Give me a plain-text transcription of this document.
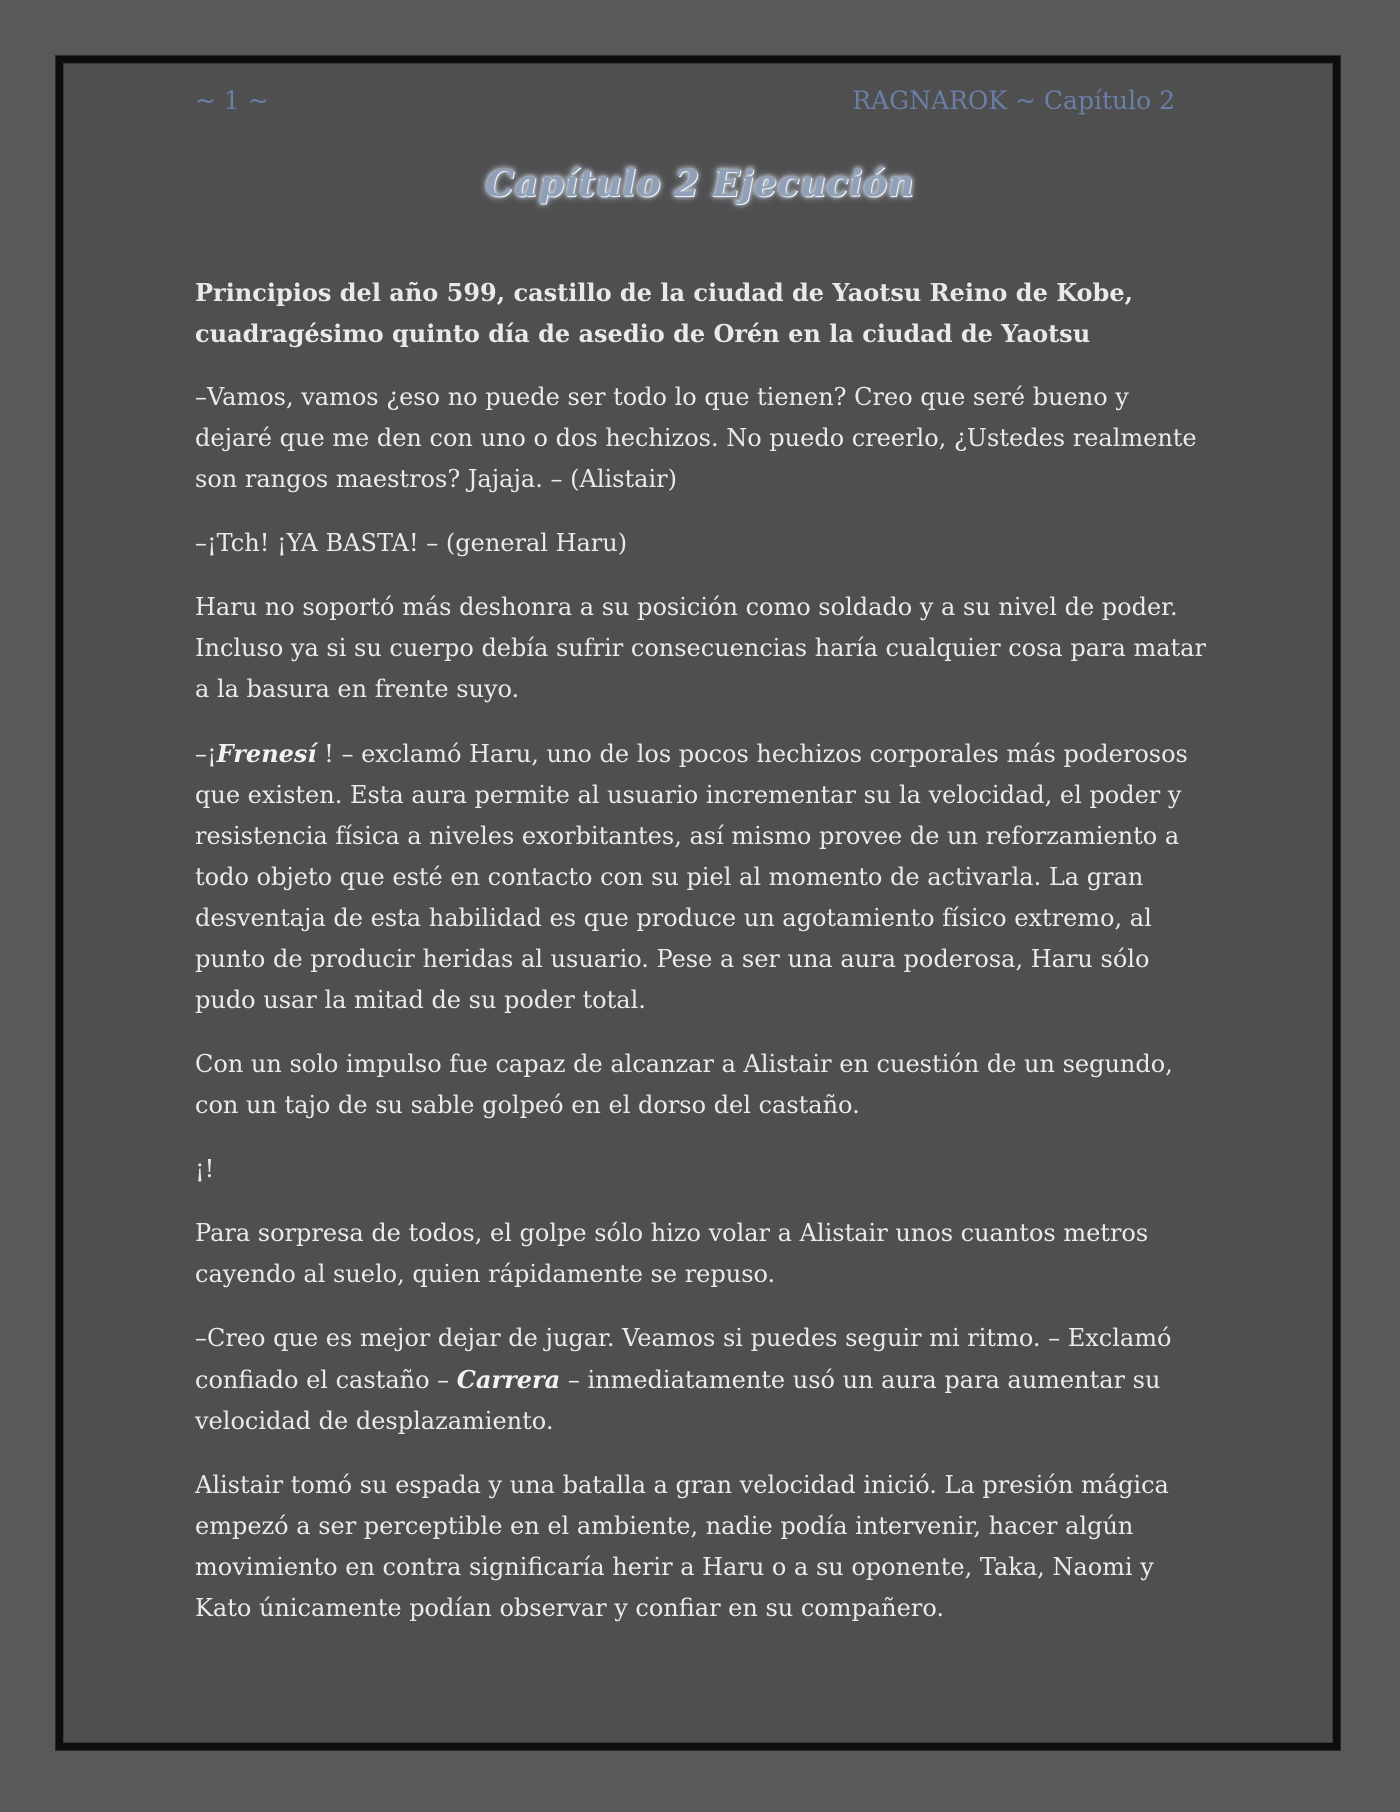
~ 1 ~	RAGNAROK ~ Capítulo 2
Capítulo 2 Ejecución

Principios del año 599, castillo de la ciudad de Yaotsu Reino de Kobe, cuadragésimo quinto día de asedio de Orén en la ciudad de Yaotsu

–Vamos, vamos ¿eso no puede ser todo lo que tienen? Creo que seré bueno y dejaré que me den con uno o dos hechizos. No puedo creerlo, ¿Ustedes realmente son rangos maestros? Jajaja. – (Alistair)

–¡Tch! ¡YA BASTA! – (general Haru)

Haru no soportó más deshonra a su posición como soldado y a su nivel de poder. Incluso ya si su cuerpo debía sufrir consecuencias haría cualquier cosa para matar a la basura en frente suyo.

–¡Frenesí ! – exclamó Haru, uno de los pocos hechizos corporales más poderosos que existen. Esta aura permite al usuario incrementar su la velocidad, el poder y resistencia física a niveles exorbitantes, así mismo provee de un reforzamiento a todo objeto que esté en contacto con su piel al momento de activarla. La gran desventaja de esta habilidad es que produce un agotamiento físico extremo, al punto de producir heridas al usuario. Pese a ser una aura poderosa, Haru sólo pudo usar la mitad de su poder total.

Con un solo impulso fue capaz de alcanzar a Alistair en cuestión de un segundo, con un tajo de su sable golpeó en el dorso del castaño.

¡!

Para sorpresa de todos, el golpe sólo hizo volar a Alistair unos cuantos metros cayendo al suelo, quien rápidamente se repuso.

–Creo que es mejor dejar de jugar. Veamos si puedes seguir mi ritmo. – Exclamó confiado el castaño – Carrera – inmediatamente usó un aura para aumentar su velocidad de desplazamiento.

Alistair tomó su espada y una batalla a gran velocidad inició. La presión mágica empezó a ser perceptible en el ambiente, nadie podía intervenir, hacer algún movimiento en contra significaría herir a Haru o a su oponente, Taka, Naomi y Kato únicamente podían observar y confiar en su compañero.
